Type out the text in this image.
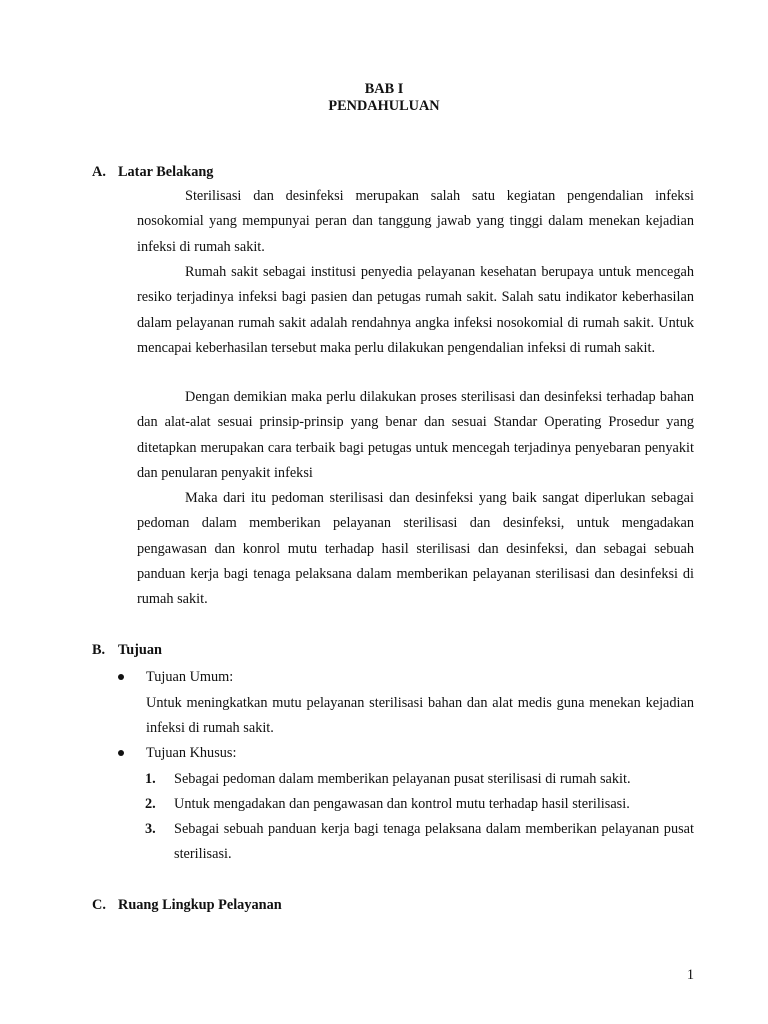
BAB I
PENDAHULUAN
A. Latar Belakang

Sterilisasi dan desinfeksi merupakan salah satu kegiatan pengendalian infeksi nosokomial yang mempunyai peran dan tanggung jawab yang tinggi dalam menekan kejadian infeksi di rumah sakit.

Rumah sakit sebagai institusi penyedia pelayanan kesehatan berupaya untuk mencegah resiko terjadinya infeksi bagi pasien dan petugas rumah sakit. Salah satu indikator keberhasilan dalam pelayanan rumah sakit adalah rendahnya angka infeksi nosokomial di rumah sakit. Untuk mencapai keberhasilan tersebut maka perlu dilakukan pengendalian infeksi di rumah sakit.

Dengan demikian maka perlu dilakukan proses sterilisasi dan desinfeksi terhadap bahan dan alat-alat sesuai prinsip-prinsip yang benar dan sesuai Standar Operating Prosedur yang ditetapkan merupakan cara terbaik bagi petugas untuk mencegah terjadinya penyebaran penyakit dan penularan penyakit infeksi

Maka dari itu pedoman sterilisasi dan desinfeksi yang baik sangat diperlukan sebagai pedoman dalam memberikan pelayanan sterilisasi dan desinfeksi, untuk mengadakan pengawasan dan konrol mutu terhadap hasil sterilisasi dan desinfeksi, dan sebagai sebuah panduan kerja bagi tenaga pelaksana dalam memberikan pelayanan sterilisasi dan desinfeksi di rumah sakit.

B. Tujuan
Tujuan Umum:

Untuk meningkatkan mutu pelayanan sterilisasi bahan dan alat medis guna menekan kejadian infeksi di rumah sakit.

Tujuan Khusus:
1. Sebagai pedoman dalam memberikan pelayanan pusat sterilisasi di rumah sakit.
2. Untuk mengadakan dan pengawasan dan kontrol mutu terhadap hasil sterilisasi.
3. Sebagai sebuah panduan kerja bagi tenaga pelaksana dalam memberikan pelayanan pusat sterilisasi.
C. Ruang Lingkup Pelayanan
1
